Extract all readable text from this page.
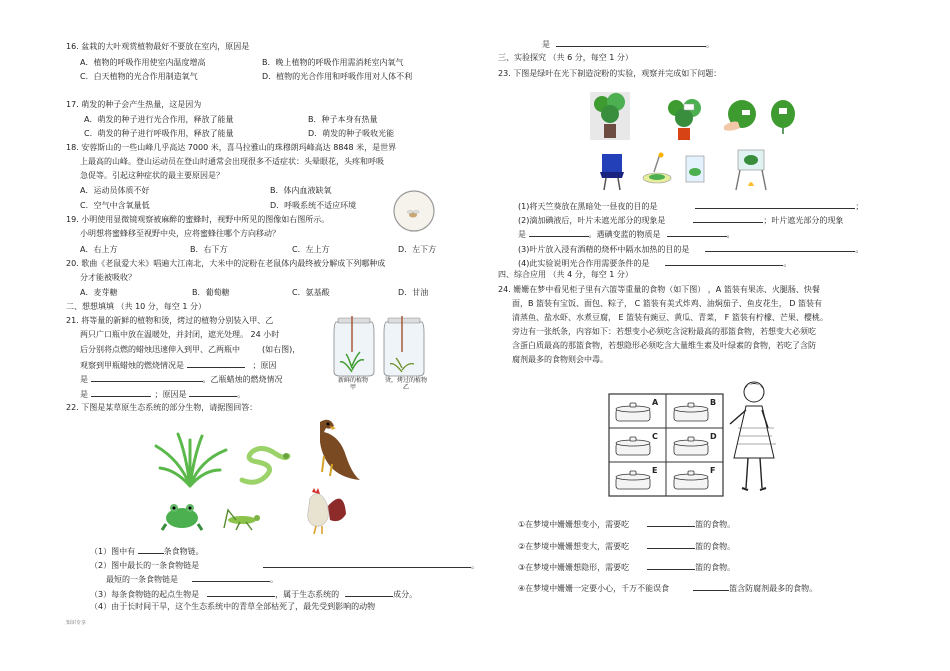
16. 盆栽的大叶观赏植物最好不要放在室内，原因是
A．植物的呼吸作用使室内温度增高	B．晚上植物的呼吸作用需消耗室内氧气
C．白天植物的光合作用制造氧气	D．植物的光合作用和呼吸作用对人体不利
17. 萌发的种子会产生热量，这是因为
A．萌发的种子进行光合作用，释放了能量	B．种子本身有热量
C．萌发的种子进行呼吸作用，释放了能量	D．萌发的种子吸收光能
18. 安蓉斯山的一些山峰几乎高达 7000 米，喜马拉雅山的珠穆朗玛峰高达 8848 米，是世界
上最高的山峰。登山运动员在登山时通常会出现很多不适症状：头晕眼花，头疼和呼吸
急促等。引起这种症状的最主要原因是？
A．运动员体质不好	B．体内血液缺氧
C．空气中含氧量低	D．呼吸系统不适应环境
19. 小明使用显微镜观察被麻醉的蜜蜂时，视野中所见的图像如右图所示。
小明想将蜜蜂移至视野中央，应将蜜蜂往哪个方向移动？
A．右上方	B．右下方	C．左上方	D．左下方
20. 歌曲《老鼠爱大米》唱遍大江南北，大米中的淀粉在老鼠体内最终被分解成下列哪种成
分才能被吸收？
A．麦芽糖	B．葡萄糖	C．氨基酸	D．甘油
二、想想填填 （共 10 分，每空 1 分）
21. 将等量的新鲜的植物和烫，烤过的植物分别装入甲、乙
两只广口瓶中放在温暖处，并封闭，遮光处理。 24 小时
后分别将点燃的蜡烛迅速伸入到甲、乙两瓶中	(如右图)，
观察到甲瓶蜡烛的燃烧情况是	；原因
是	。乙瓶蜡烛的燃烧情况
是	；原因是	。
新鲜的植物
甲
烫，烤过的植物
乙
22. 下图是某草原生态系统的部分生物，请据图回答：
（1）图中有	条食物链。
（2）图中最长的一条食物链是	。
最短的一条食物链是	。
（3）每条食物链的起点生物是	，属于生态系统的	成分。
（4）由于长时间干旱，这个生态系统中的青草全部枯死了，最先受到影响的动物
知识专享
是	。
三、实验探究 （共 6 分，每空 1 分）
23. 下图是绿叶在光下制造淀粉的实验，观察并完成如下问题：
(1)将天竺葵放在黑暗处一昼夜的目的是	；
(2)滴加碘液后，叶片未遮光部分的现象是	；叶片遮光部分的现象
是	。遇碘变蓝的物质是	。
(3)叶片放入浸有酒精的烧杯中隔水加热的目的是	。
(4)此实验说明光合作用需要条件的是	。
四、综合应用 （共 4 分，每空 1 分）
24. 姗姗在梦中看见柜子里有六篮等重量的食物（如下图） ，A 篮装有果冻、火腿肠、快餐
面，B 篮装有宝饭、面包、粽子， C 篮装有美式炸鸡、油焖茄子、鱼皮花生， D 篮装有
清蒸鱼、盐水虾、水煮豆腐， E 篮装有豌豆、黄瓜、青菜， F 篮装有柠檬、芒果、樱桃。
旁边有一张纸条，内容如下：若想变小必须吃含淀粉最高的那篮食物，若想变大必须吃
含蛋白质最高的那篮食物，若想隐形必须吃含大量维生素及叶绿素的食物，若吃了含防
腐剂最多的食物则会中毒。
A	B
C	D
E	F
①在梦境中姗姗想变小，需要吃	篮的食物。
②在梦境中姗姗想变大，需要吃	篮的食物。
③在梦境中姗姗想隐形，需要吃	篮的食物。
④在梦境中姗姗一定要小心，千万不能误食	篮含防腐剂最多的食物。
